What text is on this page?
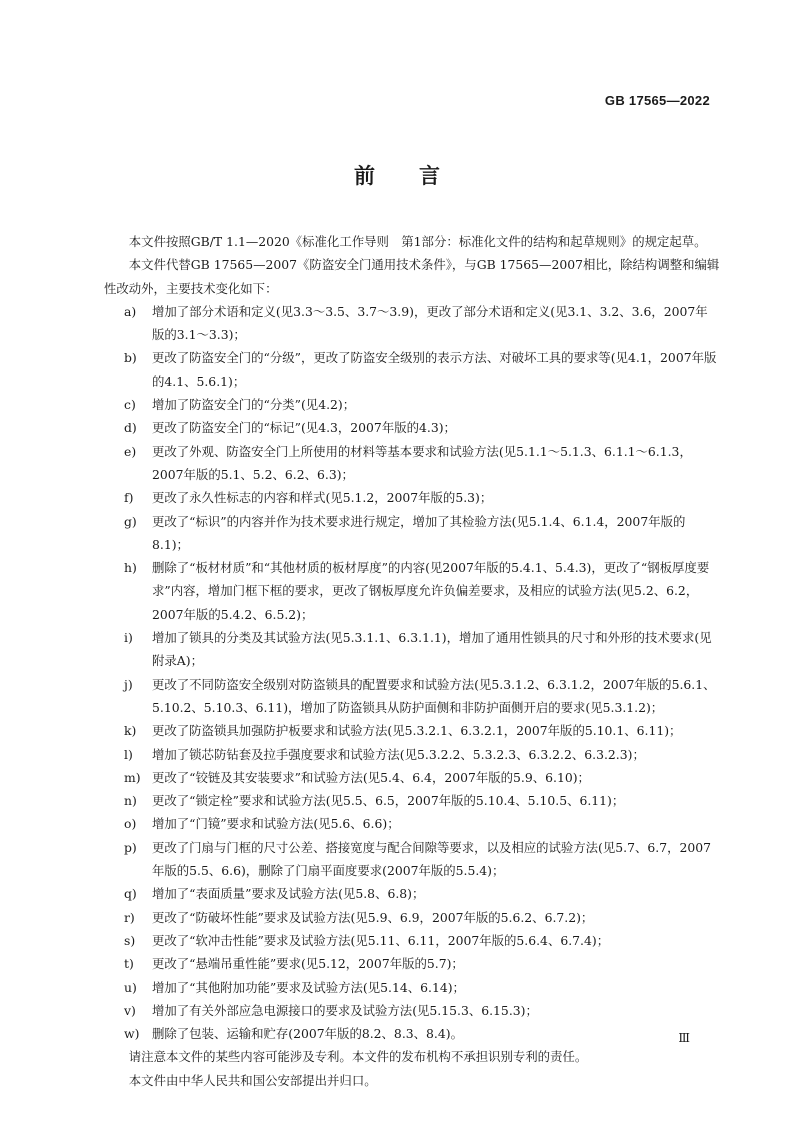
GB 17565—2022
前 言

本文件按照GB/T 1.1—2020《标准化工作导则　第1部分：标准化文件的结构和起草规则》的规定起草。

本文件代替GB 17565—2007《防盗安全门通用技术条件》，与GB 17565—2007相比，除结构调整和编辑性改动外，主要技术变化如下：

a) 增加了部分术语和定义(见3.3～3.5、3.7～3.9)，更改了部分术语和定义(见3.1、3.2、3.6，2007年版的3.1～3.3)；
b) 更改了防盗安全门的“分级”，更改了防盗安全级别的表示方法、对破坏工具的要求等(见4.1，2007年版的4.1、5.6.1)；
c) 增加了防盗安全门的“分类”(见4.2)；
d) 更改了防盗安全门的“标记”(见4.3，2007年版的4.3)；
e) 更改了外观、防盗安全门上所使用的材料等基本要求和试验方法(见5.1.1～5.1.3、6.1.1～6.1.3，2007年版的5.1、5.2、6.2、6.3)；
f) 更改了永久性标志的内容和样式(见5.1.2，2007年版的5.3)；
g) 更改了“标识”的内容并作为技术要求进行规定，增加了其检验方法(见5.1.4、6.1.4，2007年版的8.1)；
h) 删除了“板材材质”和“其他材质的板材厚度”的内容(见2007年版的5.4.1、5.4.3)，更改了“钢板厚度要求”内容，增加门框下框的要求，更改了钢板厚度允许负偏差要求，及相应的试验方法(见5.2、6.2，2007年版的5.4.2、6.5.2)；
i) 增加了锁具的分类及其试验方法(见5.3.1.1、6.3.1.1)，增加了通用性锁具的尺寸和外形的技术要求(见附录A)；
j) 更改了不同防盗安全级别对防盗锁具的配置要求和试验方法(见5.3.1.2、6.3.1.2，2007年版的5.6.1、5.10.2、5.10.3、6.11)，增加了防盗锁具从防护面侧和非防护面侧开启的要求(见5.3.1.2)；
k) 更改了防盗锁具加强防护板要求和试验方法(见5.3.2.1、6.3.2.1，2007年版的5.10.1、6.11)；
l) 增加了锁芯防钻套及拉手强度要求和试验方法(见5.3.2.2、5.3.2.3、6.3.2.2、6.3.2.3)；
m) 更改了“铰链及其安装要求”和试验方法(见5.4、6.4，2007年版的5.9、6.10)；
n) 更改了“锁定栓”要求和试验方法(见5.5、6.5，2007年版的5.10.4、5.10.5、6.11)；
o) 增加了“门镜”要求和试验方法(见5.6、6.6)；
p) 更改了门扇与门框的尺寸公差、搭接宽度与配合间隙等要求，以及相应的试验方法(见5.7、6.7，2007年版的5.5、6.6)，删除了门扇平面度要求(2007年版的5.5.4)；
q) 增加了“表面质量”要求及试验方法(见5.8、6.8)；
r) 更改了“防破坏性能”要求及试验方法(见5.9、6.9，2007年版的5.6.2、6.7.2)；
s) 更改了“软冲击性能”要求及试验方法(见5.11、6.11，2007年版的5.6.4、6.7.4)；
t) 更改了“悬端吊重性能”要求(见5.12，2007年版的5.7)；
u) 增加了“其他附加功能”要求及试验方法(见5.14、6.14)；
v) 增加了有关外部应急电源接口的要求及试验方法(见5.15.3、6.15.3)；
w) 删除了包装、运输和贮存(2007年版的8.2、8.3、8.4)。

请注意本文件的某些内容可能涉及专利。本文件的发布机构不承担识别专利的责任。

本文件由中华人民共和国公安部提出并归口。

Ⅲ
